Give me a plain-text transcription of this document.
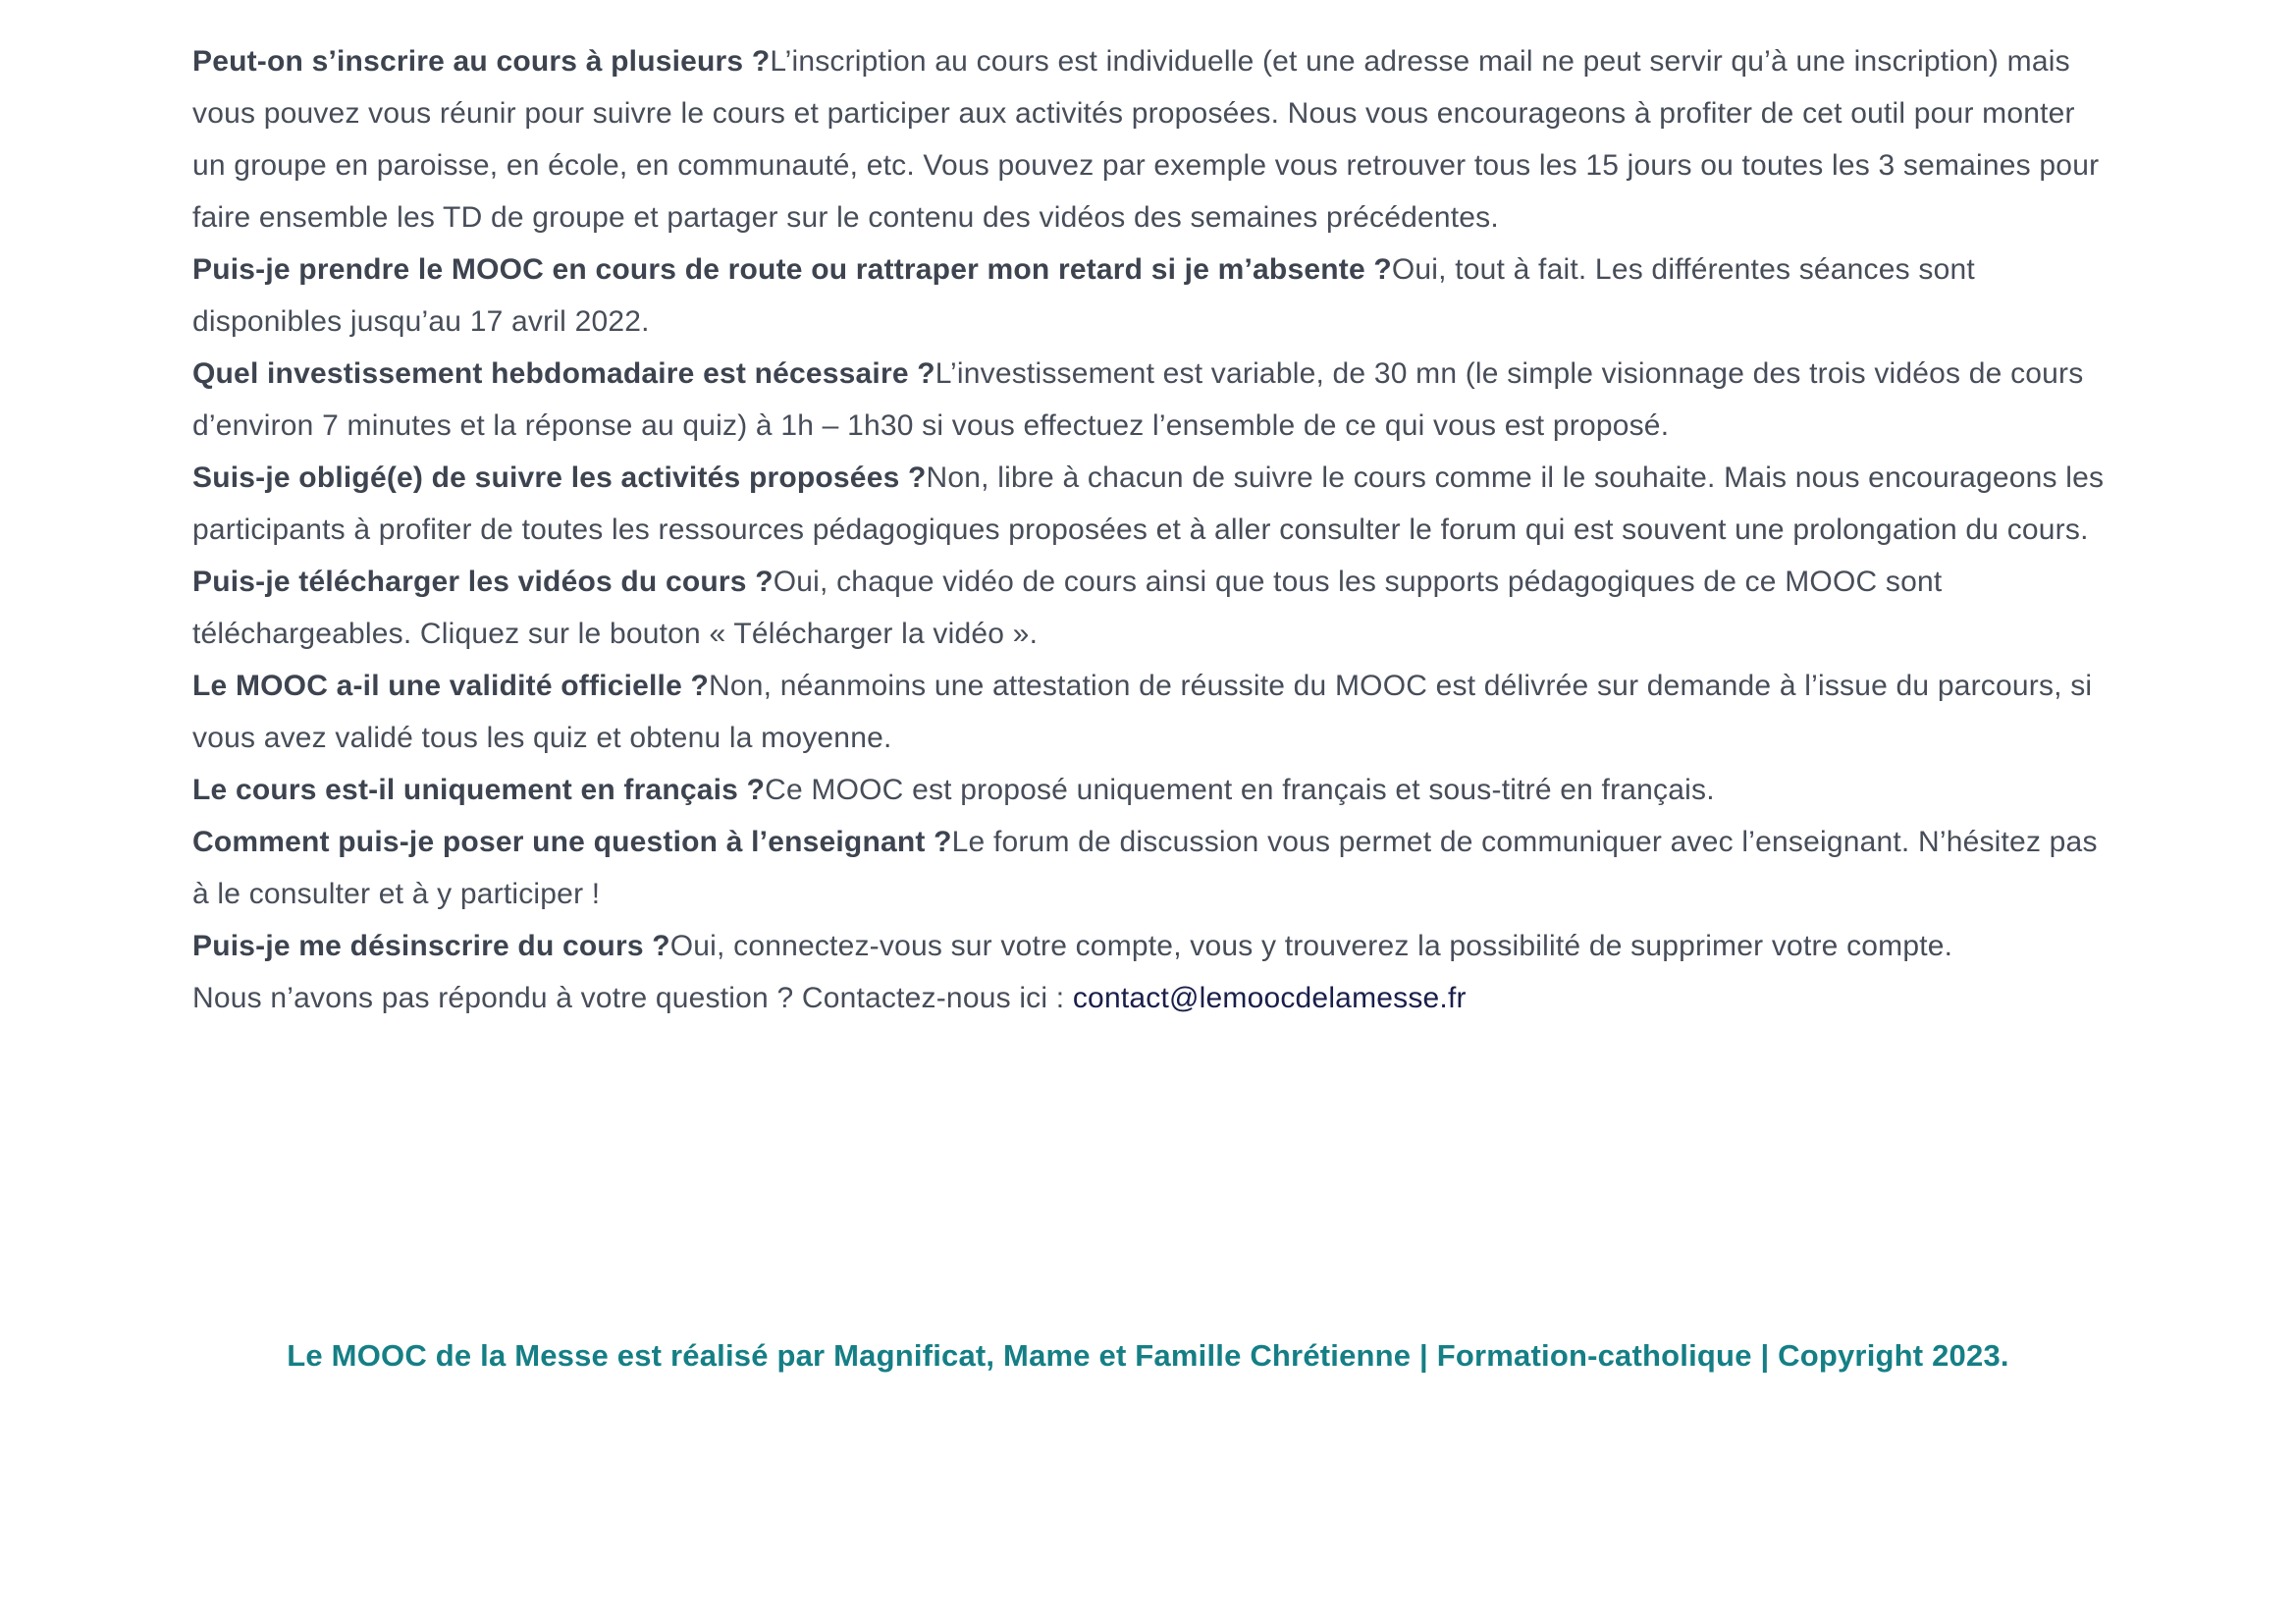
Peut-on s’inscrire au cours à plusieurs ?L’inscription au cours est individuelle (et une adresse mail ne peut servir qu’à une inscription) mais vous pouvez vous réunir pour suivre le cours et participer aux activités proposées. Nous vous encourageons à profiter de cet outil pour monter un groupe en paroisse, en école, en communauté, etc. Vous pouvez par exemple vous retrouver tous les 15 jours ou toutes les 3 semaines pour faire ensemble les TD de groupe et partager sur le contenu des vidéos des semaines précédentes.

Puis-je prendre le MOOC en cours de route ou rattraper mon retard si je m’absente ?Oui, tout à fait. Les différentes séances sont disponibles jusqu’au 17 avril 2022.

Quel investissement hebdomadaire est nécessaire ?L’investissement est variable, de 30 mn (le simple visionnage des trois vidéos de cours d’environ 7 minutes et la réponse au quiz) à 1h – 1h30 si vous effectuez l’ensemble de ce qui vous est proposé.

Suis-je obligé(e) de suivre les activités proposées ?Non, libre à chacun de suivre le cours comme il le souhaite. Mais nous encourageons les participants à profiter de toutes les ressources pédagogiques proposées et à aller consulter le forum qui est souvent une prolongation du cours.

Puis-je télécharger les vidéos du cours ?Oui, chaque vidéo de cours ainsi que tous les supports pédagogiques de ce MOOC sont téléchargeables. Cliquez sur le bouton « Télécharger la vidéo ».

Le MOOC a-il une validité officielle ?Non, néanmoins une attestation de réussite du MOOC est délivrée sur demande à l’issue du parcours, si vous avez validé tous les quiz et obtenu la moyenne.

Le cours est-il uniquement en français ?Ce MOOC est proposé uniquement en français et sous-titré en français.

Comment puis-je poser une question à l’enseignant ?Le forum de discussion vous permet de communiquer avec l’enseignant. N’hésitez pas à le consulter et à y participer !

Puis-je me désinscrire du cours ?Oui, connectez-vous sur votre compte, vous y trouverez la possibilité de supprimer votre compte.

Nous n’avons pas répondu à votre question ? Contactez-nous ici : contact@lemoocdelamesse.fr

Le MOOC de la Messe est réalisé par Magnificat, Mame et Famille Chrétienne | Formation-catholique | Copyright 2023.
